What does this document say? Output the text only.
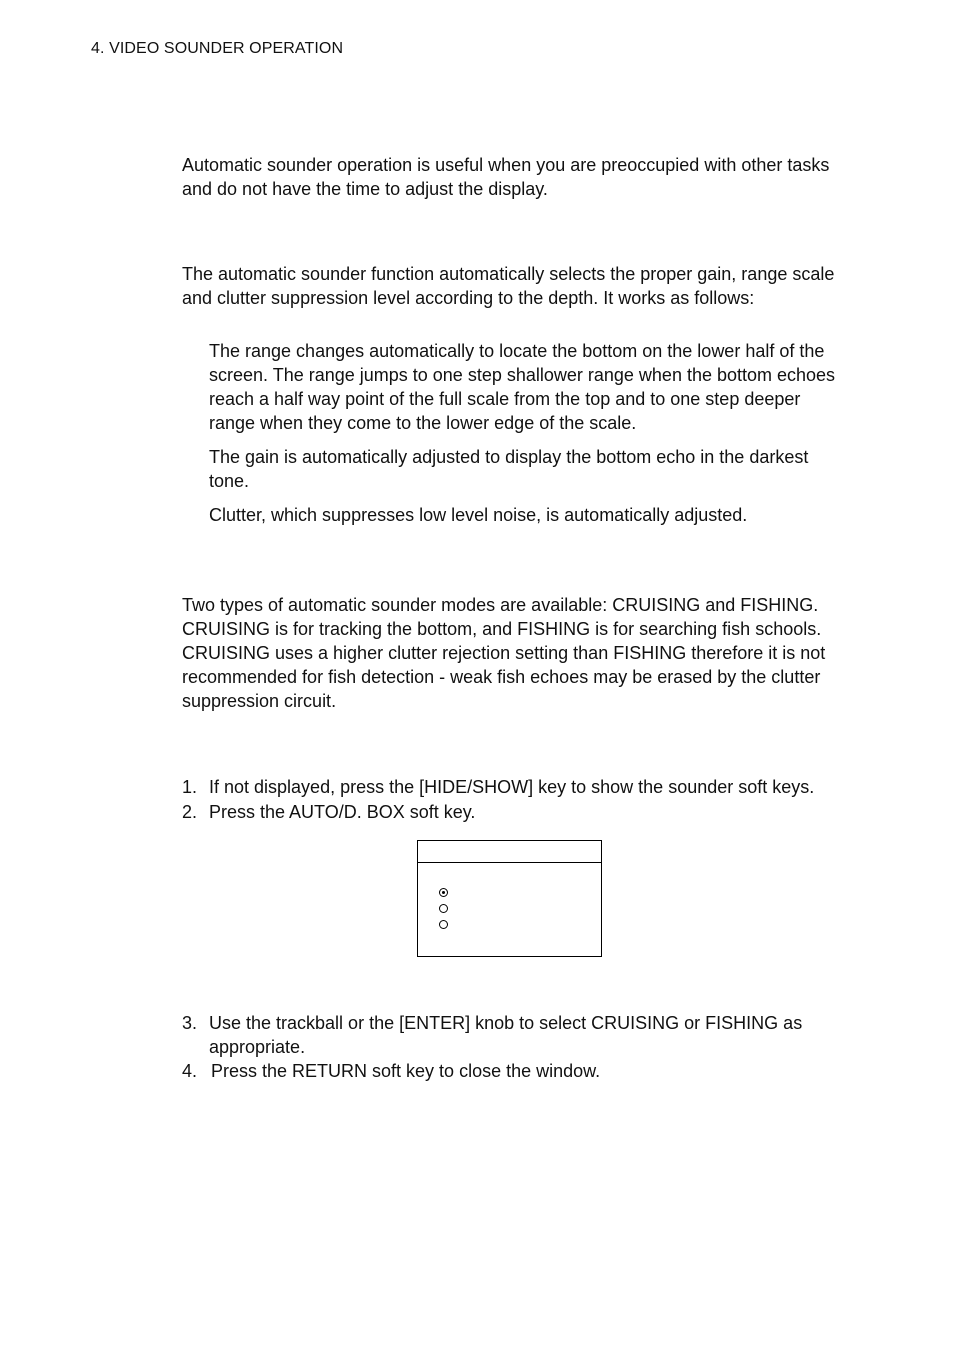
4. VIDEO SOUNDER OPERATION
Automatic sounder operation is useful when you are preoccupied with other tasks and do not have the time to adjust the display.
The automatic sounder function automatically selects the proper gain, range scale and clutter suppression level according to the depth. It works as follows:
The range changes automatically to locate the bottom on the lower half of the screen. The range jumps to one step shallower range when the bottom echoes reach a half way point of the full scale from the top and to one step deeper range when they come to the lower edge of the scale.
The gain is automatically adjusted to display the bottom echo in the darkest tone.
Clutter, which suppresses low level noise, is automatically adjusted.
Two types of automatic sounder modes are available: CRUISING and FISHING. CRUISING is for tracking the bottom, and FISHING is for searching fish schools. CRUISING uses a higher clutter rejection setting than FISHING therefore it is not recommended for fish detection - weak fish echoes may be erased by the clutter suppression circuit.
1. If not displayed, press the [HIDE/SHOW] key to show the sounder soft keys.
2. Press the AUTO/D. BOX soft key.
3. Use the trackball or the [ENTER] knob to select CRUISING or FISHING as appropriate.
4. Press the RETURN soft key to close the window.
